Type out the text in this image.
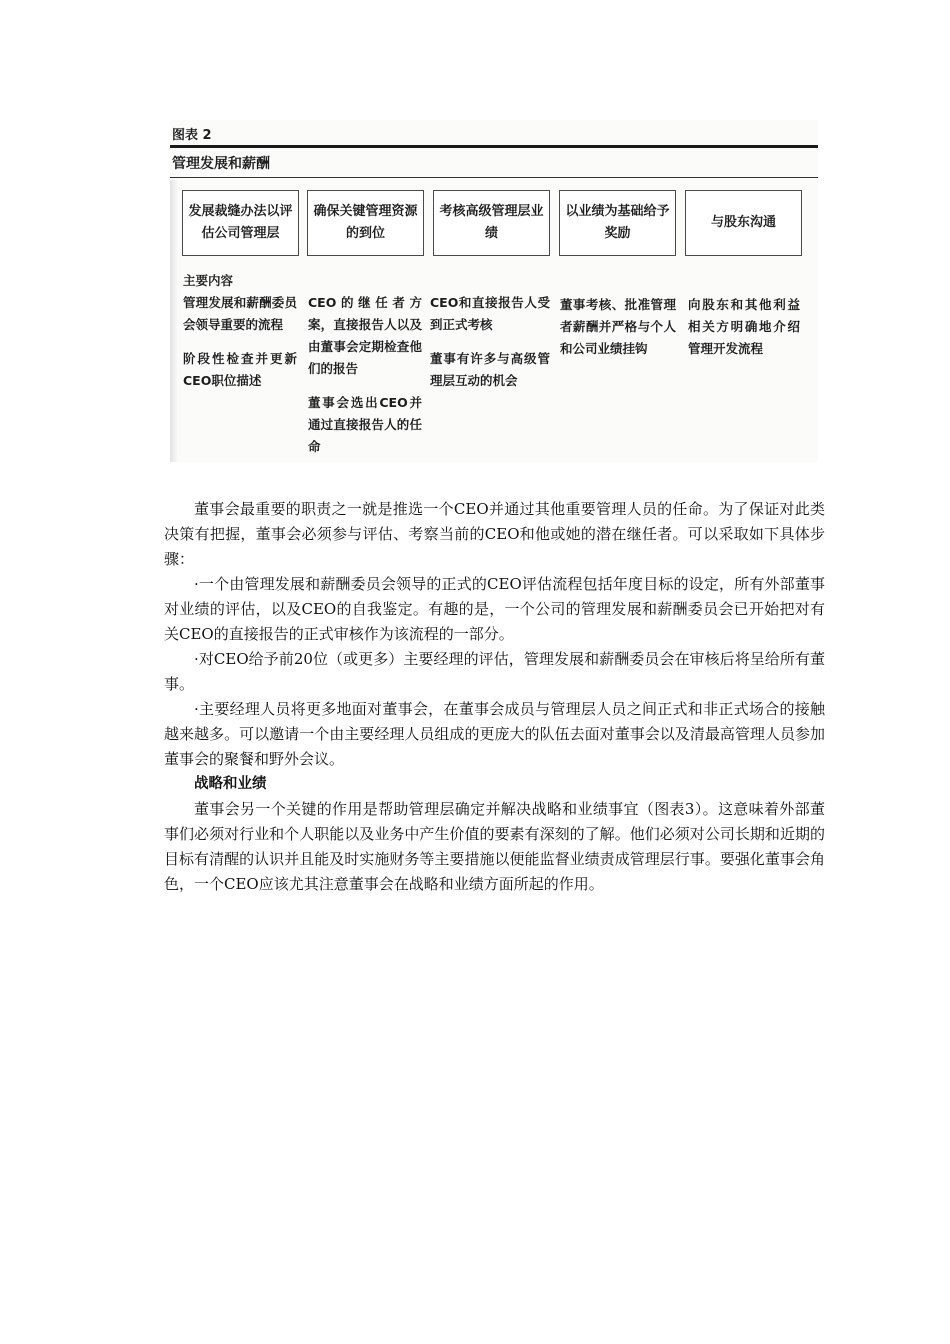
图表 2
管理发展和薪酬
发展裁缝办法以评估公司管理层
确保关键管理资源的到位
考核高级管理层业绩
以业绩为基础给予奖励
与股东沟通

主要内容

管理发展和薪酬委员会领导重要的流程

阶段性检查并更新CEO职位描述

CEO的继任者方案，直接报告人以及由董事会定期检查他们的报告

董事会选出CEO并通过直接报告人的任命

CEO和直接报告人受到正式考核

董事有许多与高级管理层互动的机会

董事考核、批准管理者薪酬并严格与个人和公司业绩挂钩

向股东和其他利益相关方明确地介绍管理开发流程

董事会最重要的职责之一就是推选一个CEO并通过其他重要管理人员的任命。为了保证对此类决策有把握，董事会必须参与评估、考察当前的CEO和他或她的潜在继任者。可以采取如下具体步骤：

·一个由管理发展和薪酬委员会领导的正式的CEO评估流程包括年度目标的设定，所有外部董事对业绩的评估，以及CEO的自我鉴定。有趣的是，一个公司的管理发展和薪酬委员会已开始把对有关CEO的直接报告的正式审核作为该流程的一部分。

·对CEO给予前20位（或更多）主要经理的评估，管理发展和薪酬委员会在审核后将呈给所有董事。

·主要经理人员将更多地面对董事会，在董事会成员与管理层人员之间正式和非正式场合的接触越来越多。可以邀请一个由主要经理人员组成的更庞大的队伍去面对董事会以及清最高管理人员参加董事会的聚餐和野外会议。

战略和业绩

董事会另一个关键的作用是帮助管理层确定并解决战略和业绩事宜（图表3）。这意味着外部董事们必须对行业和个人职能以及业务中产生价值的要素有深刻的了解。他们必须对公司长期和近期的目标有清醒的认识并且能及时实施财务等主要措施以便能监督业绩责成管理层行事。要强化董事会角色，一个CEO应该尤其注意董事会在战略和业绩方面所起的作用。
